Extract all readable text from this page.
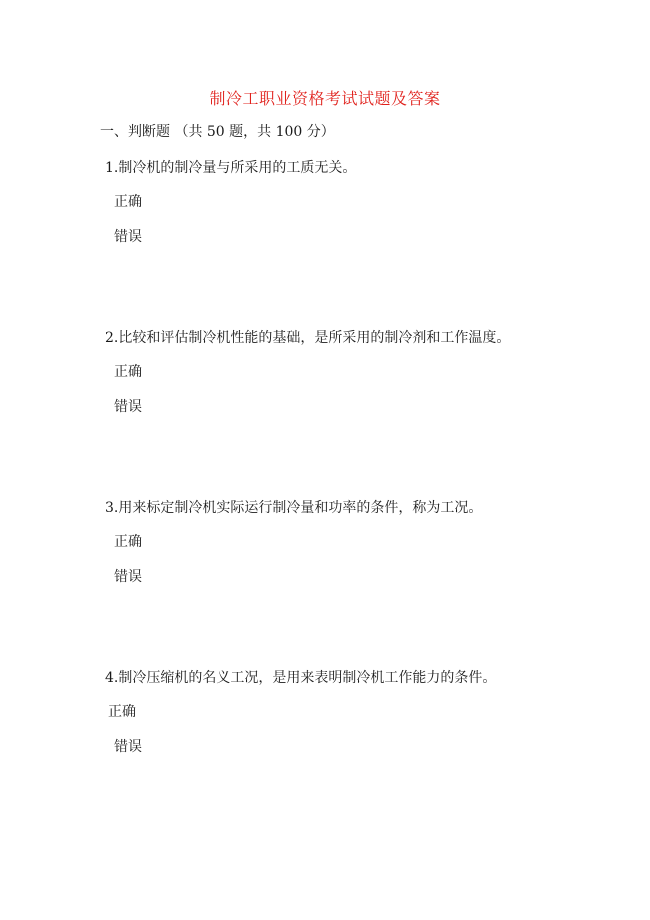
制冷工职业资格考试试题及答案
一、判断题 （共 50 题，共 100 分）
1.制冷机的制冷量与所采用的工质无关。
正确
错误
2.比较和评估制冷机性能的基础，是所采用的制冷剂和工作温度。
正确
错误
3.用来标定制冷机实际运行制冷量和功率的条件，称为工况。
正确
错误
4.制冷压缩机的名义工况，是用来表明制冷机工作能力的条件。
正确
错误
